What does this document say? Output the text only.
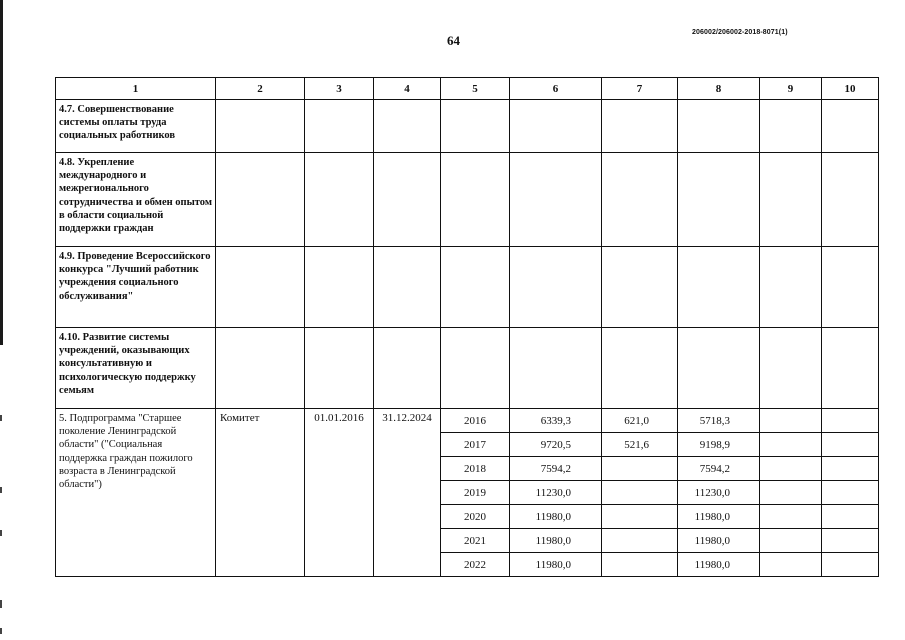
64
206002/206002-2018-8071(1)
1	2	3	4	5	6	7	8	9	10
4.7. Совершенствование системы оплаты труда социальных работников									
4.8. Укрепление международного и межрегионального сотрудничества и обмен опытом в области социальной поддержки граждан									
4.9. Проведение Всероссийского конкурса "Лучший работник учреждения социального обслуживания"									
4.10. Развитие системы учреждений, оказывающих консультативную и психологическую поддержку семьям									
5. Подпрограмма "Старшее поколение Ленинградской области" ("Социальная поддержка граждан пожилого возраста в Ленинградской области")	Комитет	01.01.2016	31.12.2024	2016	6339,3	621,0	5718,3		
				2017	9720,5	521,6	9198,9		
				2018	7594,2		7594,2		
				2019	11230,0		11230,0		
				2020	11980,0		11980,0		
				2021	11980,0		11980,0		
				2022	11980,0		11980,0		
